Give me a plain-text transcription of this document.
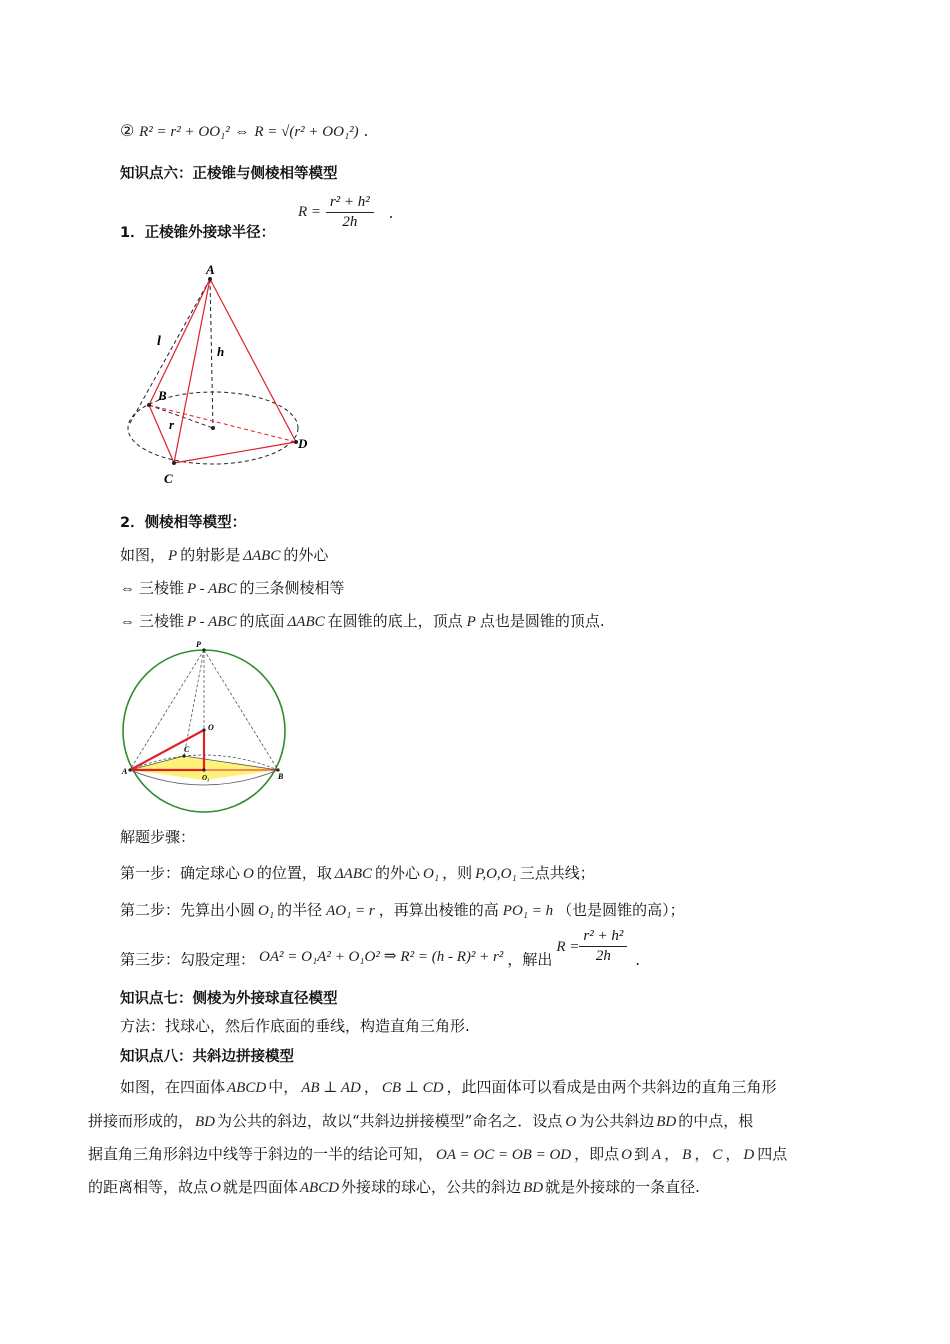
② R² = r² + OO₁² ⇔ R = √(r² + OO₁²) .
知识点六：正棱锥与侧棱相等模型
1．正棱锥外接球半径：
$R = \frac{\text{r² + h²}}{2h}$ .
A
B
C
D
l
h
r
2．侧棱相等模型：
如图， P 的射影是 ΔABC 的外心
⇔ 三棱锥 P - ABC 的三条侧棱相等
⇔ 三棱锥 P - ABC 的底面 ΔABC 在圆锥的底上，顶点 P 点也是圆锥的顶点.
P
O
C
A
B
O₁
解题步骤：
第一步：确定球心 O 的位置，取 ΔABC 的外心 O₁ ，则 P,O,O₁ 三点共线；
第二步：先算出小圆 O₁ 的半径 AO₁ = r ，再算出棱锥的高 PO₁ = h （也是圆锥的高）；
第三步：勾股定理： OA² = O₁A² + O₁O² ⇒ R² = (h - R)² + r² ，解出$R = \frac{\text{r² + h²}}{2h}$ .
知识点七：侧棱为外接球直径模型
方法：找球心，然后作底面的垂线，构造直角三角形.
知识点八：共斜边拼接模型
如图，在四面体 ABCD 中， AB ⊥ AD ， CB ⊥ CD ，此四面体可以看成是由两个共斜边的直角三角形
拼接而形成的， BD 为公共的斜边，故以“共斜边拼接模型”命名之．设点 O 为公共斜边 BD 的中点，根
据直角三角形斜边中线等于斜边的一半的结论可知， OA = OC = OB = OD ，即点 O 到 A ， B ， C ， D 四点
的距离相等，故点 O 就是四面体 ABCD 外接球的球心，公共的斜边 BD 就是外接球的一条直径.
